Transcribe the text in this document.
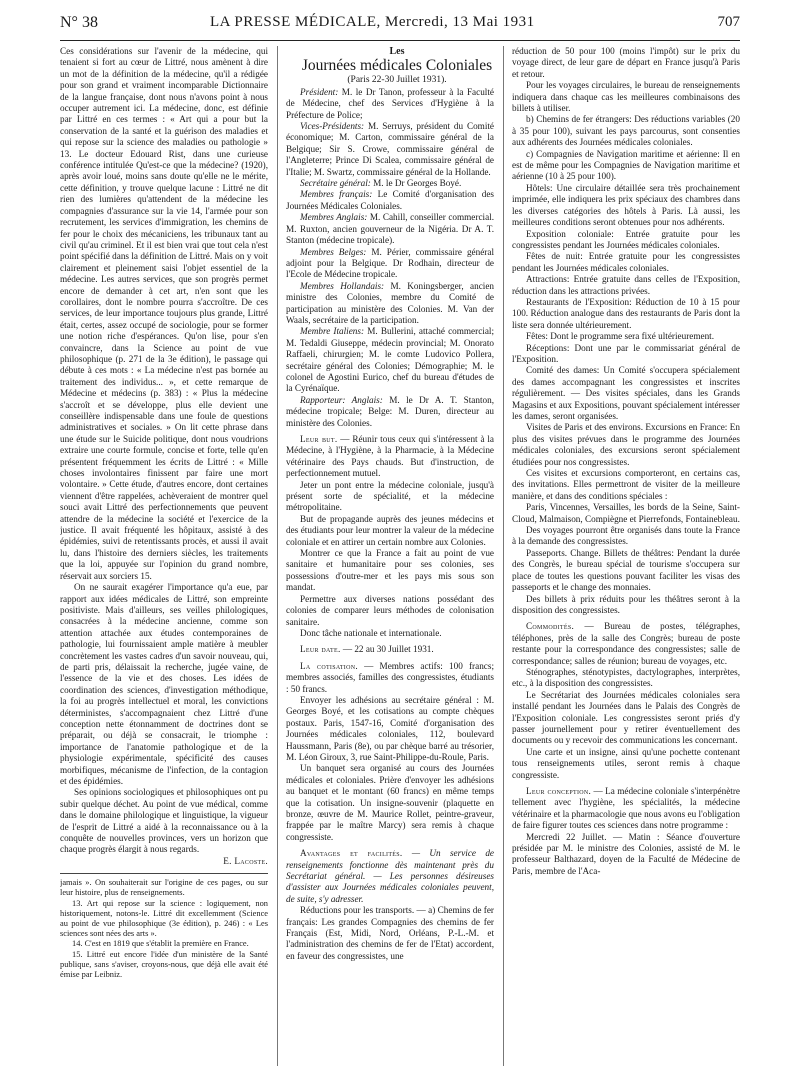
N° 38	LA PRESSE MÉDICALE, Mercredi, 13 Mai 1931	707

Ces considérations sur l'avenir de la médecine, qui tenaient si fort au cœur de Littré, nous amènent à dire un mot de la définition de la médecine, qu'il a rédigée pour son grand et vraiment incomparable Dictionnaire de la langue française, dont nous n'avons point à nous occuper autrement ici. La médecine, donc, est définie par Littré en ces termes : « Art qui a pour but la conservation de la santé et la guérison des maladies et qui repose sur la science des maladies ou pathologie » 13. Le docteur Edouard Rist, dans une curieuse conférence intitulée Qu'est-ce que la médecine? (1920), après avoir loué, moins sans doute qu'elle ne le mérite, cette définition, y trouve quelque lacune : Littré ne dit rien des lumières qu'attendent de la médecine les compagnies d'assurance sur la vie 14, l'armée pour son recrutement, les services d'immigration, les chemins de fer pour le choix des mécaniciens, les tribunaux tant au civil qu'au criminel. Et il est bien vrai que tout cela n'est point spécifié dans la définition de Littré. Mais on y voit clairement et pleinement saisi l'objet essentiel de la médecine. Les autres services, que son progrès permet encore de demander à cet art, n'en sont que les corollaires, dont le nombre pourra s'accroître. De ces services, de leur importance toujours plus grande, Littré était, certes, assez occupé de sociologie, pour se former une notion riche d'espérances. Qu'on lise, pour s'en convaincre, dans la Science au point de vue philosophique (p. 271 de la 3e édition), le passage qui débute à ces mots : « La médecine n'est pas bornée au traitement des individus... », et cette remarque de Médecine et médecins (p. 383) : « Plus la médecine s'accroît et se développe, plus elle devient une conseillère indispensable dans une foule de questions administratives et sociales. » On lit cette phrase dans une étude sur le Suicide politique, dont nous voudrions extraire une courte formule, concise et forte, telle qu'en présentent fréquemment les écrits de Littré : « Mille choses involontaires finissent par faire une mort volontaire. » Cette étude, d'autres encore, dont certaines viennent d'être rappelées, achèveraient de montrer quel souci avait Littré des perfectionnements que peuvent attendre de la médecine la société et l'exercice de la justice. Il avait fréquenté les hôpitaux, assisté à des épidémies, suivi de retentissants procès, et aussi il avait lu, dans l'histoire des derniers siècles, les traitements que la loi, appuyée sur l'opinion du grand nombre, réservait aux sorciers 15.

On ne saurait exagérer l'importance qu'a eue, par rapport aux idées médicales de Littré, son empreinte positiviste. Mais d'ailleurs, ses veilles philologiques, consacrées à la médecine ancienne, comme son attention attachée aux études contemporaines de pathologie, lui fournissaient ample matière à meubler concrètement les vastes cadres d'un savoir nouveau, qui, de parti pris, délaissait la recherche, jugée vaine, de l'essence de la vie et des choses. Les idées de coordination des sciences, d'investigation méthodique, la foi au progrès intellectuel et moral, les convictions déterministes, s'accompagnaient chez Littré d'une conception nette étonnamment de doctrines dont se préparait, ou déjà se consacrait, le triomphe : importance de l'anatomie pathologique et de la physiologie expérimentale, spécificité des causes morbifiques, mécanisme de l'infection, de la contagion et des épidémies.

Ses opinions sociologiques et philosophiques ont pu subir quelque déchet. Au point de vue médical, comme dans le domaine philologique et linguistique, la vigueur de l'esprit de Littré a aidé à la reconnaissance ou à la conquête de nouvelles provinces, vers un horizon que chaque progrès élargit à nous regards.

E. Lacoste.

jamais ». On souhaiterait sur l'origine de ces pages, ou sur leur histoire, plus de renseignements.

13. Art qui repose sur la science : logiquement, non historiquement, notons-le. Littré dit excellemment (Science au point de vue philosophique (3e édition), p. 246) : « Les sciences sont nées des arts ».

14. C'est en 1819 que s'établit la première en France.

15. Littré eut encore l'idée d'un ministère de la Santé publique, sans s'aviser, croyons-nous, que déjà elle avait été émise par Leibniz.

Les

Journées médicales Coloniales

(Paris 22-30 Juillet 1931).

Président: M. le Dr Tanon, professeur à la Faculté de Médecine, chef des Services d'Hygiène à la Préfecture de Police;

Vices-Présidents: M. Serruys, président du Comité économique; M. Carton, commissaire général de la Belgique; Sir S. Crowe, commissaire général de l'Angleterre; Prince Di Scalea, commissaire général de l'Italie; M. Swartz, commissaire général de la Hollande.

Secrétaire général: M. le Dr Georges Boyé.

Membres français: Le Comité d'organisation des Journées Médicales Coloniales.

Membres Anglais: M. Cahill, conseiller commercial. M. Ruxton, ancien gouverneur de la Nigéria. Dr A. T. Stanton (médecine tropicale).

Membres Belges: M. Périer, commissaire général adjoint pour la Belgique. Dr Rodhain, directeur de l'Ecole de Médecine tropicale.

Membres Hollandais: M. Koningsberger, ancien ministre des Colonies, membre du Comité de participation au ministère des Colonies. M. Van der Waals, secrétaire de la participation.

Membre Italiens: M. Bullerini, attaché commercial; M. Tedaldi Giuseppe, médecin provincial; M. Onorato Raffaeli, chirurgien; M. le comte Ludovico Pollera, secrétaire général des Colonies; Démographie; M. le colonel de Agostini Eurico, chef du bureau d'études de la Cyrénaïque.

Rapporteur: Anglais: M. le Dr A. T. Stanton, médecine tropicale; Belge: M. Duren, directeur au ministère des Colonies.

Leur but. — Réunir tous ceux qui s'intéressent à la Médecine, à l'Hygiène, à la Pharmacie, à la Médecine vétérinaire des Pays chauds. But d'instruction, de perfectionnement mutuel.

Jeter un pont entre la médecine coloniale, jusqu'à présent sorte de spécialité, et la médecine métropolitaine.

But de propagande auprès des jeunes médecins et des étudiants pour leur montrer la valeur de la médecine coloniale et en attirer un certain nombre aux Colonies.

Montrer ce que la France a fait au point de vue sanitaire et humanitaire pour ses colonies, ses possessions d'outre-mer et les pays mis sous son mandat.

Permettre aux diverses nations possédant des colonies de comparer leurs méthodes de colonisation sanitaire.

Donc tâche nationale et internationale.

Leur date. — 22 au 30 Juillet 1931.

La cotisation. — Membres actifs: 100 francs; membres associés, familles des congressistes, étudiants : 50 francs.

Envoyer les adhésions au secrétaire général : M. Georges Boyé, et les cotisations au compte chèques postaux. Paris, 1547-16, Comité d'organisation des Journées médicales coloniales, 112, boulevard Haussmann, Paris (8e), ou par chèque barré au trésorier, M. Léon Giroux, 3, rue Saint-Philippe-du-Roule, Paris.

Un banquet sera organisé au cours des Journées médicales et coloniales. Prière d'envoyer les adhésions au banquet et le montant (60 francs) en même temps que la cotisation. Un insigne-souvenir (plaquette en bronze, œuvre de M. Maurice Rollet, peintre-graveur, frappée par le maître Marcy) sera remis à chaque congressiste.

Avantages et facilités. — Un service de renseignements fonctionne dès maintenant près du Secrétariat général. — Les personnes désireuses d'assister aux Journées médicales coloniales peuvent, de suite, s'y adresser.

Réductions pour les transports. — a) Chemins de fer français: Les grandes Compagnies des chemins de fer Français (Est, Midi, Nord, Orléans, P.-L.-M. et l'administration des chemins de fer de l'Etat) accordent, en faveur des congressistes, une

réduction de 50 pour 100 (moins l'impôt) sur le prix du voyage direct, de leur gare de départ en France jusqu'à Paris et retour.

Pour les voyages circulaires, le bureau de renseignements indiquera dans chaque cas les meilleures combinaisons des billets à utiliser.

b) Chemins de fer étrangers: Des réductions variables (20 à 35 pour 100), suivant les pays parcourus, sont consenties aux adhérents des Journées médicales coloniales.

c) Compagnies de Navigation maritime et aérienne: Il en est de même pour les Compagnies de Navigation maritime et aérienne (10 à 25 pour 100).

Hôtels: Une circulaire détaillée sera très prochainement imprimée, elle indiquera les prix spéciaux des chambres dans les diverses catégories des hôtels à Paris. Là aussi, les meilleures conditions seront obtenues pour nos adhérents.

Exposition coloniale: Entrée gratuite pour les congressistes pendant les Journées médicales coloniales.

Fêtes de nuit: Entrée gratuite pour les congressistes pendant les Journées médicales coloniales.

Attractions: Entrée gratuite dans celles de l'Exposition, réduction dans les attractions privées.

Restaurants de l'Exposition: Réduction de 10 à 15 pour 100. Réduction analogue dans des restaurants de Paris dont la liste sera donnée ultérieurement.

Fêtes: Dont le programme sera fixé ultérieurement.

Réceptions: Dont une par le commissariat général de l'Exposition.

Comité des dames: Un Comité s'occupera spécialement des dames accompagnant les congressistes et inscrites régulièrement. — Des visites spéciales, dans les Grands Magasins et aux Expositions, pouvant spécialement intéresser les dames, seront organisées.

Visites de Paris et des environs. Excursions en France: En plus des visites prévues dans le programme des Journées médicales coloniales, des excursions seront spécialement étudiées pour nos congressistes.

Ces visites et excursions comporteront, en certains cas, des invitations. Elles permettront de visiter de la meilleure manière, et dans des conditions spéciales :

Paris, Vincennes, Versailles, les bords de la Seine, Saint-Cloud, Malmaison, Compiègne et Pierrefonds, Fontainebleau.

Des voyages pourront être organisés dans toute la France à la demande des congressistes.

Passeports. Change. Billets de théâtres: Pendant la durée des Congrès, le bureau spécial de tourisme s'occupera sur place de toutes les questions pouvant faciliter les visas des passeports et le change des monnaies.

Des billets à prix réduits pour les théâtres seront à la disposition des congressistes.

Commodités. — Bureau de postes, télégraphes, téléphones, près de la salle des Congrès; bureau de poste restante pour la correspondance des congressistes; salle de correspondance; salles de réunion; bureau de voyages, etc.

Sténographes, sténotypistes, dactylographes, interprètes, etc., à la disposition des congressistes.

Le Secrétariat des Journées médicales coloniales sera installé pendant les Journées dans le Palais des Congrès de l'Exposition coloniale. Les congressistes seront priés d'y passer journellement pour y retirer éventuellement des documents ou y recevoir des communications les concernant.

Une carte et un insigne, ainsi qu'une pochette contenant tous renseignements utiles, seront remis à chaque congressiste.

Leur conception. — La médecine coloniale s'interpénètre tellement avec l'hygiène, les spécialités, la médecine vétérinaire et la pharmacologie que nous avons eu l'obligation de faire figurer toutes ces sciences dans notre programme :

Mercredi 22 Juillet. — Matin : Séance d'ouverture présidée par M. le ministre des Colonies, assisté de M. le professeur Balthazard, doyen de la Faculté de Médecine de Paris, membre de l'Aca-
